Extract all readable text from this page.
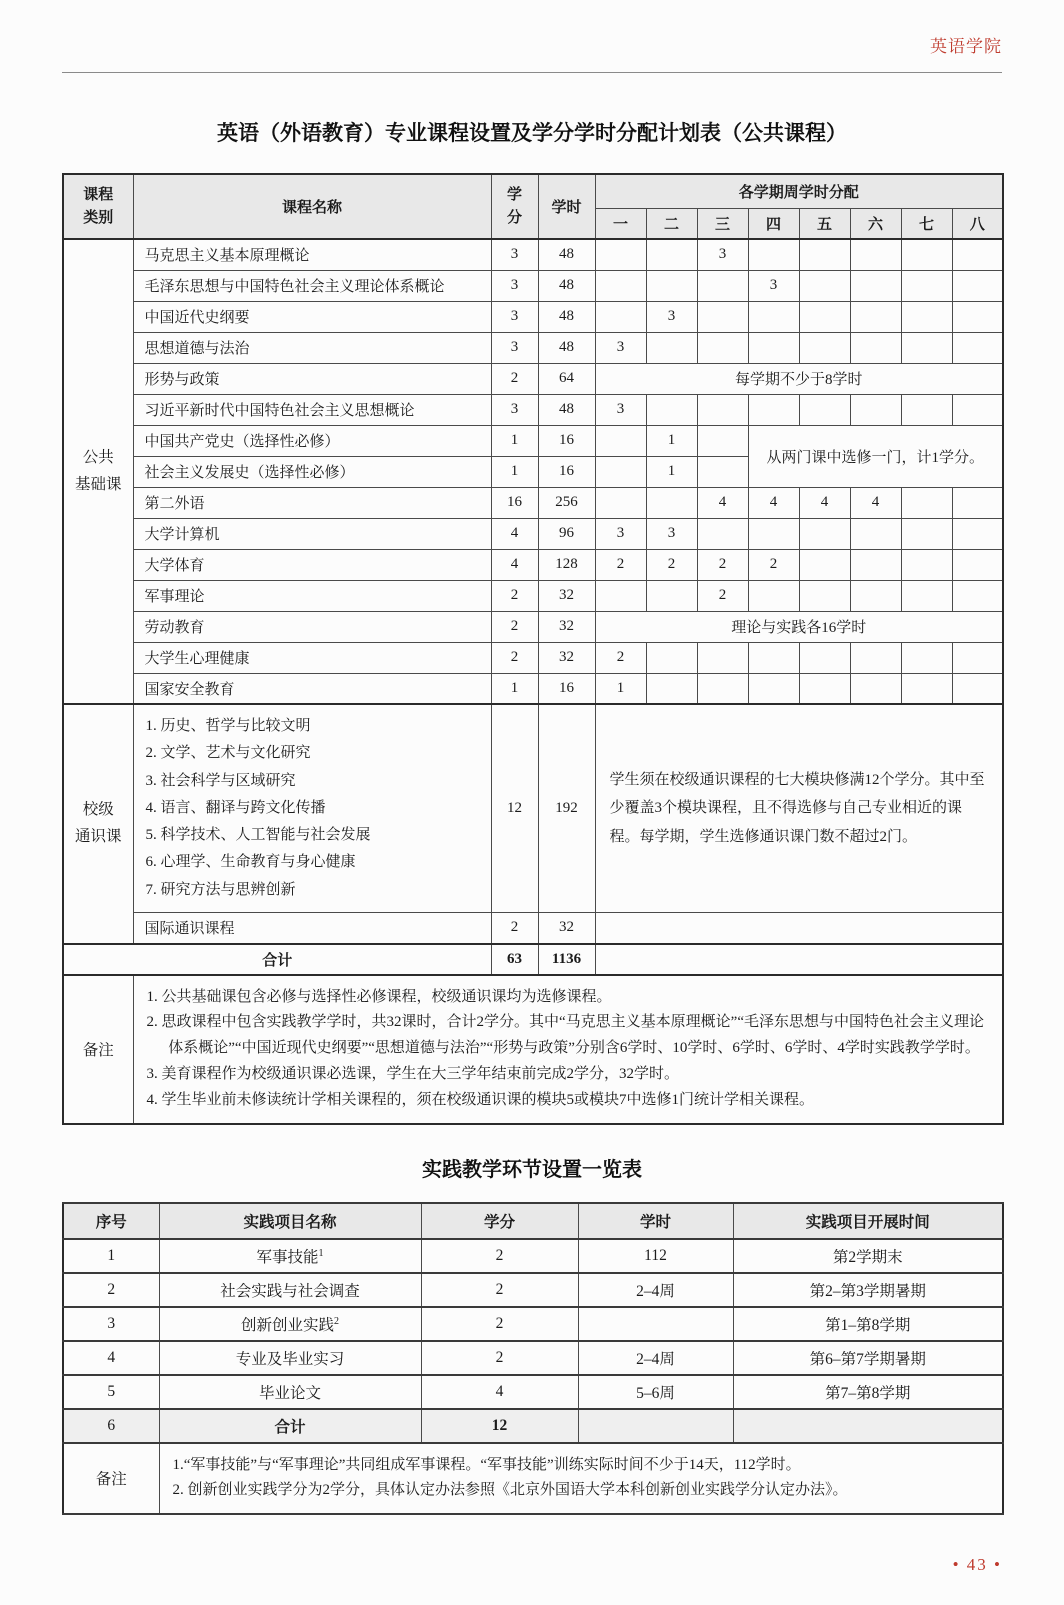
英语学院
英语（外语教育）专业课程设置及学分学时分配计划表（公共课程）
课程类别	课程名称	学分	学时	各学期周学时分配							
				一	二	三	四	五	六	七	八

公共
基础课	马克思主义基本原理概论	3	48			3					
	毛泽东思想与中国特色社会主义理论体系概论	3	48				3				
	中国近代史纲要	3	48		3						
	思想道德与法治	3	48	3							
	形势与政策	2	64	每学期不少于8学时							
	习近平新时代中国特色社会主义思想概论	3	48	3							
	中国共产党史（选择性必修）	1	16		1		从两门课中选修一门，计1学分。				
	社会主义发展史（选择性必修）	1	16		1						
	第二外语	16	256			4	4	4	4		
	大学计算机	4	96	3	3						
	大学体育	4	128	2	2	2	2				
	军事理论	2	32			2					
	劳动教育	2	32	理论与实践各16学时							
	大学生心理健康	2	32	2							
	国家安全教育	1	16	1							

校级
通识课

1. 历史、哲学与比较文明
2. 文学、艺术与文化研究
3. 社会科学与区域研究
4. 语言、翻译与跨文化传播
5. 科学技术、人工智能与社会发展
6. 心理学、生命教育与身心健康
7. 研究方法与思辨创新
	12	192	学生须在校级通识课程的七大模块修满12个学分。其中至少覆盖3个模块课程，且不得选修与自己专业相近的课程。每学期，学生选修通识课门数不超过2门。
	国际通识课程	2	32								
合计		63	1136								
备注	1. 公共基础课包含必修与选择性必修课程，校级通识课均为选修课程。
2. 思政课程中包含实践教学学时，共32课时，合计2学分。其中“马克思主义基本原理概论”“毛泽东思想与中国特色社会主义理论体系概论”“中国近现代史纲要”“思想道德与法治”“形势与政策”分别含6学时、10学时、6学时、6学时、4学时实践教学学时。
3. 美育课程作为校级通识课必选课，学生在大三学年结束前完成2学分，32学时。
4. 学生毕业前未修读统计学相关课程的，须在校级通识课的模块5或模块7中选修1门统计学相关课程。										
实践教学环节设置一览表
序号	实践项目名称	学分	学时	实践项目开展时间
1	军事技能$^1$	2	112	第2学期末
2	社会实践与社会调查	2	2–4周	第2–第3学期暑期
3	创新创业实践$^2$	2		第1–第8学期
4	专业及毕业实习	2	2–4周	第6–第7学期暑期
5	毕业论文	4	5–6周	第7–第8学期
6	合计	12		
备注	1.“军事技能”与“军事理论”共同组成军事课程。“军事技能”训练实际时间不少于14天，112学时。
2. 创新创业实践学分为2学分，具体认定办法参照《北京外国语大学本科创新创业实践学分认定办法》。			
• 43 •
